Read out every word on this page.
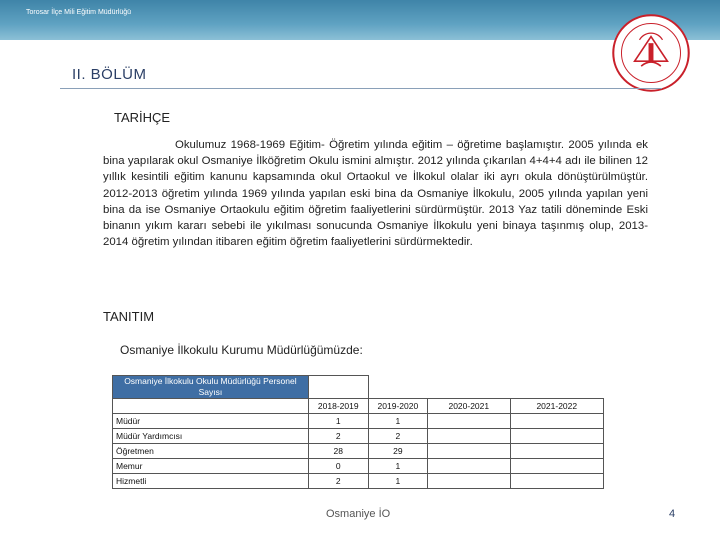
Torosar İlçe Mili Eğitim Müdürlüğü
II. BÖLÜM
TARİHÇE

Okulumuz 1968-1969 Eğitim- Öğretim yılında eğitim – öğretime başlamıştır. 2005 yılında ek bina yapılarak okul Osmaniye İlköğretim Okulu ismini almıştır. 2012 yılında çıkarılan 4+4+4 adı ile bilinen 12 yıllık kesintili eğitim kanunu kapsamında okul Ortaokul ve İlkokul olalar iki ayrı okula dönüştürülmüştür. 2012-2013 öğretim yılında 1969 yılında yapılan eski bina da Osmaniye İlkokulu, 2005 yılında yapılan yeni bina da ise Osmaniye Ortaokulu eğitim öğretim faaliyetlerini sürdürmüştür. 2013 Yaz tatili döneminde Eski binanın yıkım kararı sebebi ile yıkılması sonucunda Osmaniye İlkokulu yeni binaya taşınmış olup, 2013-2014 öğretim yılından itibaren eğitim öğretim faaliyetlerini sürdürmektedir.

TANITIM
Osmaniye İlkokulu Kurumu Müdürlüğümüzde:
Osmaniye İlkokulu Okulu Müdürlüğü Personel Sayısı				
	2018-2019	2019-2020	2020-2021	2021-2022
Müdür	1	1		
Müdür Yardımcısı	2	2		
Öğretmen	28	29		
Memur	0	1		
Hizmetli	2	1		
Osmaniye İO	4
